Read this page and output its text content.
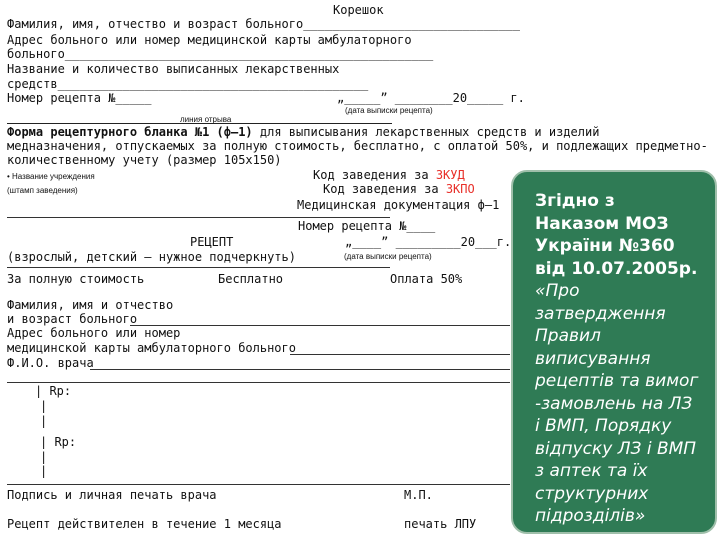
Корешок
Фамилия, имя, отчество и возраст больного______________________________
Адрес больного или номер медицинской карты амбулаторного
больного___________________________________________________
Название и количество выписанных лекарственных
средств___________________________________________
Номер рецепта №_____	„_____” ________20_____ г.
(дата выписки рецепта)
линия отрыва
Форма рецептурного бланка №1 (ф–1) для выписывания лекарственных средств и изделий
медназначения, отпускаемых за полную стоимость, бесплатно, с оплатой 50%, и подлежащих предметно-
количественному учету (размер 105х150)
• Название учреждения
(штамп заведения)
Код заведения за ЗКУД
Код заведения за ЗКПО
Медицинская документация ф–1
Номер рецепта №____
РЕЦЕПТ	„____” _________20___г.
(взрослый, детский – нужное подчеркнуть)	(дата выписки рецепта)
За полную стоимость	Бесплатно	Оплата 50%
Фамилия, имя и отчество
и возраст больного
Адрес больного или номер
медицинской карты амбулаторного больного
Ф.И.О. врача
| Rp:
|
|
| Rp:
|
|
Подпись и личная печать врача	М.П.
Рецепт действителен в течение 1 месяца	печать ЛПУ
Згідно з
Наказом МОЗ
України №360
від 10.07.2005р.
«Про
затвердження
Правил
виписування
рецептів та вимог
-замовлень на ЛЗ
і ВМП, Порядку
відпуску ЛЗ і ВМП
з аптек та їх
структурних
підрозділів»
